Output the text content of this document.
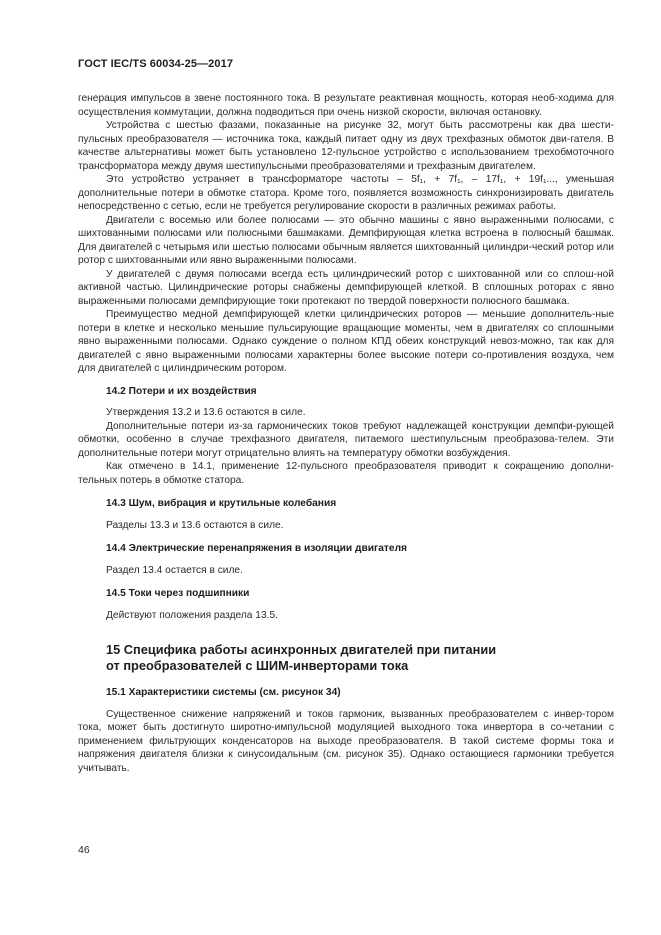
ГОСТ IEC/TS 60034-25—2017

генерация импульсов в звене постоянного тока. В результате реактивная мощность, которая необ-ходима для осуществления коммутации, должна подводиться при очень низкой скорости, включая остановку.

Устройства с шестью фазами, показанные на рисунке 32, могут быть рассмотрены как два шести-пульсных преобразователя — источника тока, каждый питает одну из двух трехфазных обмоток дви-гателя. В качестве альтернативы может быть установлено 12-пульсное устройство с использованием трехобмоточного трансформатора между двумя шестипульсными преобразователями и трехфазным двигателем.

Это устройство устраняет в трансформаторе частоты – 5f₁, + 7f₁, – 17f₁, + 19f₁..., уменьшая дополнительные потери в обмотке статора. Кроме того, появляется возможность синхронизировать двигатель непосредственно с сетью, если не требуется регулирование скорости в различных режимах работы.

Двигатели с восемью или более полюсами — это обычно машины с явно выраженными полюсами, с шихтованными полюсами или полюсными башмаками. Демпфирующая клетка встроена в полюсный башмак. Для двигателей с четырьмя или шестью полюсами обычным является шихтованный цилиндри-ческий ротор или ротор с шихтованными или явно выраженными полюсами.

У двигателей с двумя полюсами всегда есть цилиндрический ротор с шихтованной или со сплош-ной активной частью. Цилиндрические роторы снабжены демпфирующей клеткой. В сплошных роторах с явно выраженными полюсами демпфирующие токи протекают по твердой поверхности полюсного башмака.

Преимущество медной демпфирующей клетки цилиндрических роторов — меньшие дополнитель-ные потери в клетке и несколько меньшие пульсирующие вращающие моменты, чем в двигателях со сплошными явно выраженными полюсами. Однако суждение о полном КПД обеих конструкций невоз-можно, так как для двигателей с явно выраженными полюсами характерны более высокие потери со-противления воздуха, чем для двигателей с цилиндрическим ротором.

14.2 Потери и их воздействия

Утверждения 13.2 и 13.6 остаются в силе.

Дополнительные потери из-за гармонических токов требуют надлежащей конструкции демпфи-рующей обмотки, особенно в случае трехфазного двигателя, питаемого шестипульсным преобразова-телем. Эти дополнительные потери могут отрицательно влиять на температуру обмотки возбуждения.

Как отмечено в 14.1, применение 12-пульсного преобразователя приводит к сокращению дополни-тельных потерь в обмотке статора.

14.3 Шум, вибрация и крутильные колебания

Разделы 13.3 и 13.6 остаются в силе.

14.4 Электрические перенапряжения в изоляции двигателя

Раздел 13.4 остается в силе.

14.5 Токи через подшипники

Действуют положения раздела 13.5.

15 Специфика работы асинхронных двигателей при питании
от преобразователей с ШИМ-инверторами тока
15.1 Характеристики системы (см. рисунок 34)

Существенное снижение напряжений и токов гармоник, вызванных преобразователем с инвер-тором тока, может быть достигнуто широтно-импульсной модуляцией выходного тока инвертора в со-четании с применением фильтрующих конденсаторов на выходе преобразователя. В такой системе формы тока и напряжения двигателя близки к синусоидальным (см. рисунок 35). Однако остающиеся гармоники требуется учитывать.

46
